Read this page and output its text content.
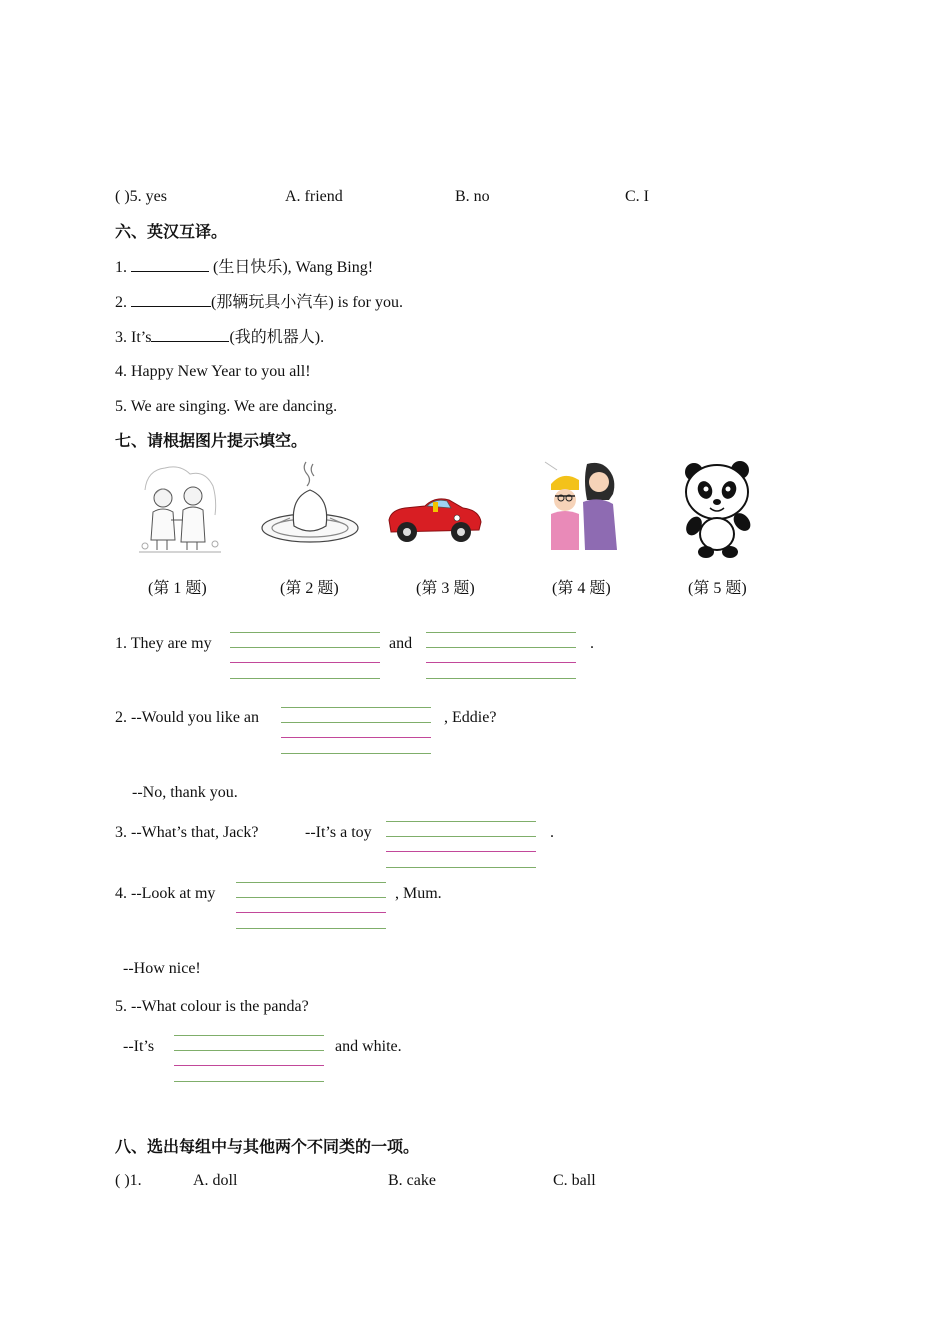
( )5. yes	A. friend	B. no	C. I
六、英汉互译。
1.	(生日快乐), Wang Bing!
2.	(那辆玩具小汽车) is for you.
3. It’s	(我的机器人).
4. Happy New Year to you all!
5. We are singing. We are dancing.
七、请根据图片提示填空。
(第 1 题)	(第 2 题)	(第 3 题)	(第 4 题)	(第 5 题)
1. They are my	and	.
2. --Would you like an	, Eddie?
--No, thank you.
3. --What’s that, Jack?	--It’s a toy	.
4. --Look at my	, Mum.
--How nice!
5. --What colour is the panda?
--It’s	and white.
八、选出每组中与其他两个不同类的一项。
( )1.	A. doll	B. cake	C. ball
